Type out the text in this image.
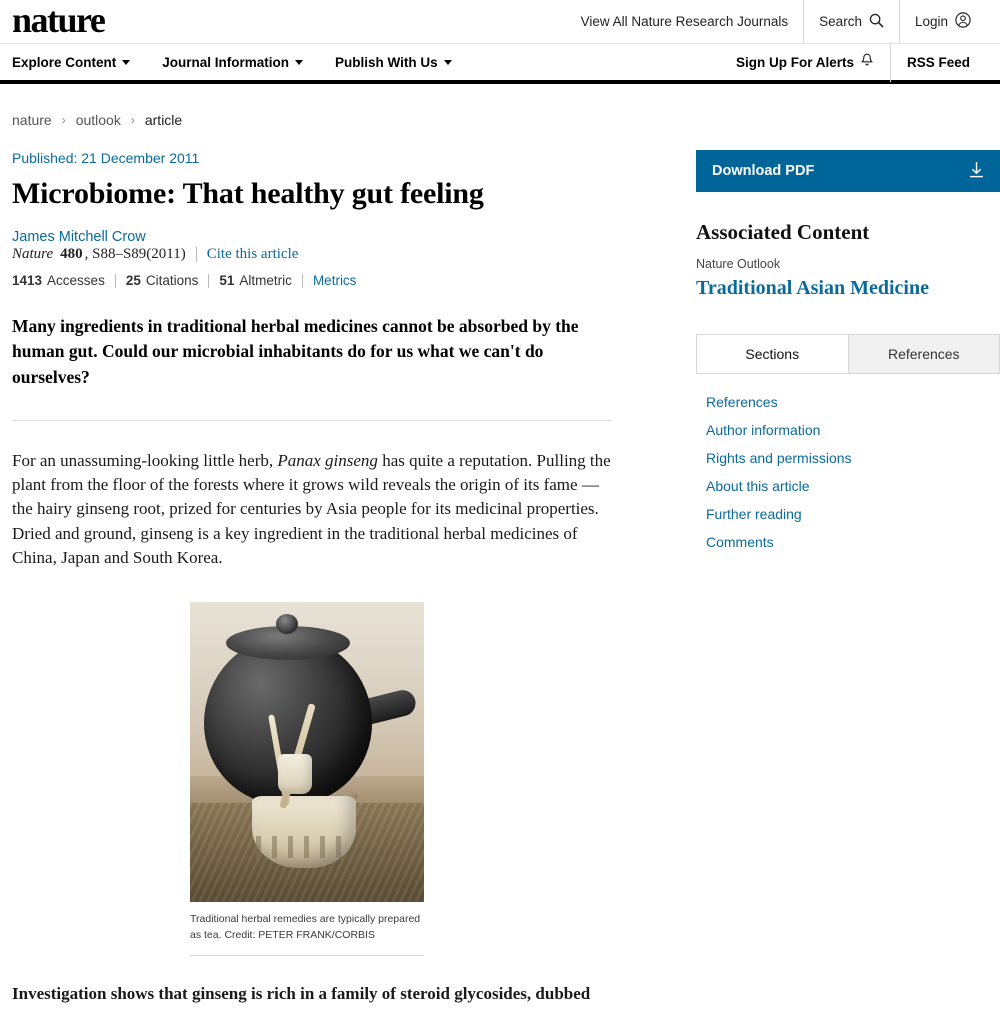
nature	View All Nature Research Journals Search	Login
Explore Content	Journal Information	Publish With Us	Sign Up For Alerts	RSS Feed
nature › outlook › article
Published: 21 December 2011
Microbiome: That healthy gut feeling
James Mitchell Crow
Nature 480 , S88–S89(2011) Cite this article
1413 Accesses 25 Citations 51 Altmetric Metrics

Many ingredients in traditional herbal medicines cannot be absorbed by the human gut. Could our microbial inhabitants do for us what we can't do ourselves?

For an unassuming-looking little herb, Panax ginseng has quite a reputation. Pulling the plant from the floor of the forests where it grows wild reveals the origin of its fame — the hairy ginseng root, prized for centuries by Asia people for its medicinal properties. Dried and ground, ginseng is a key ingredient in the traditional herbal medicines of China, Japan and South Korea.

Traditional herbal remedies are typically prepared as tea. Credit: PETER FRANK/CORBIS

Investigation shows that ginseng is rich in a family of steroid glycosides, dubbed

Download PDF
Associated Content
Nature Outlook
Traditional Asian Medicine
Sections	References
References
Author information
Rights and permissions
About this article
Further reading
Comments
